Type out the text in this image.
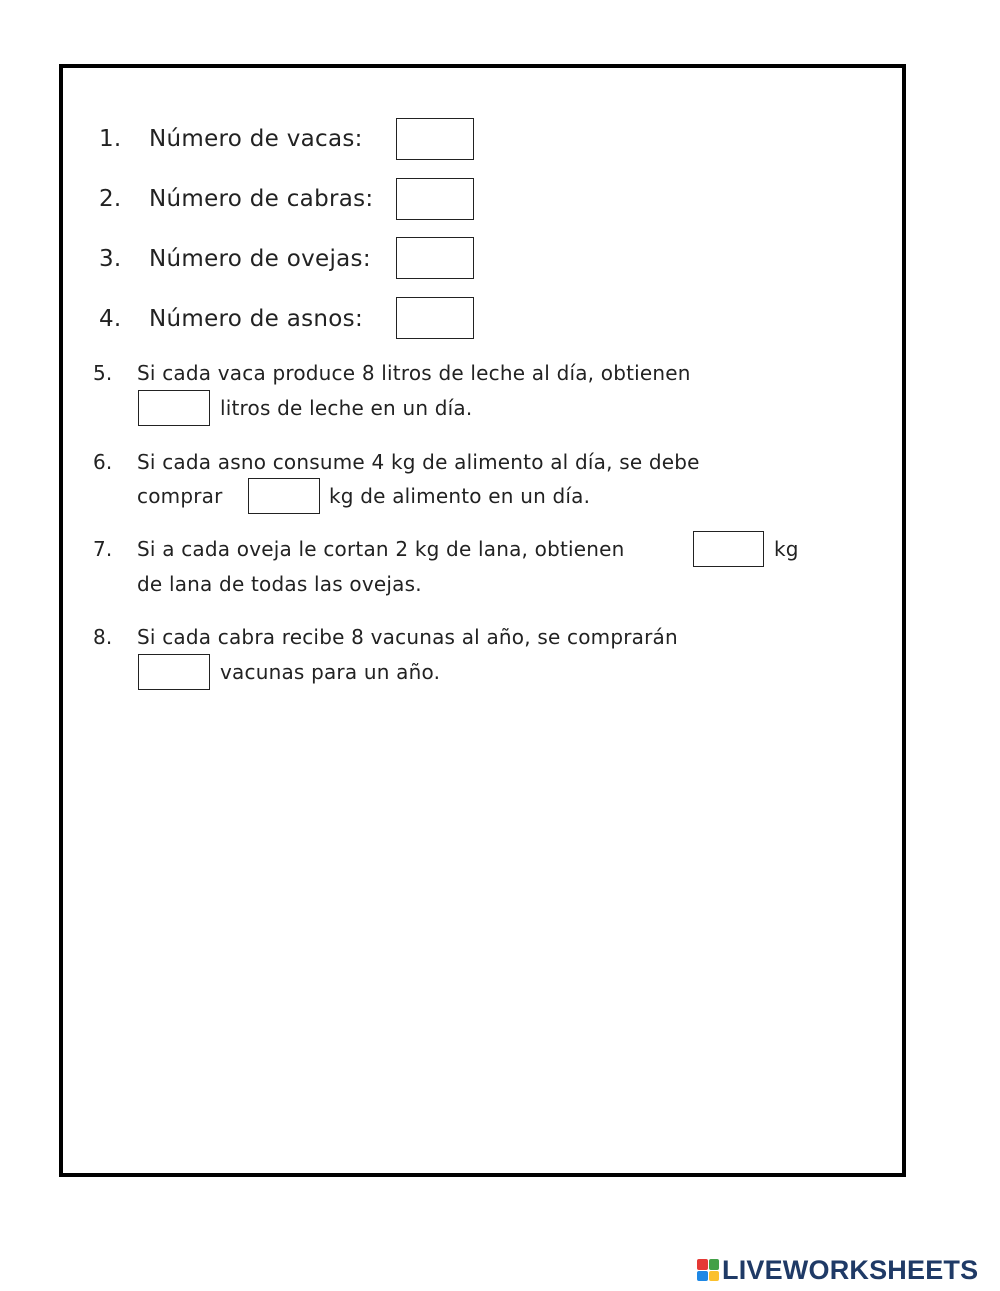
1. Número de vacas:
2. Número de cabras:
3. Número de ovejas:
4. Número de asnos:
5. Si cada vaca produce 8 litros de leche al día, obtienen
litros de leche en un día.
6. Si cada asno consume 4 kg de alimento al día, se debe
comprar	kg de alimento en un día.
7. Si a cada oveja le cortan 2 kg de lana, obtienen	kg
de lana de todas las ovejas.
8. Si cada cabra recibe 8 vacunas al año, se comprarán
vacunas para un año.
LIVEWORKSHEETS
